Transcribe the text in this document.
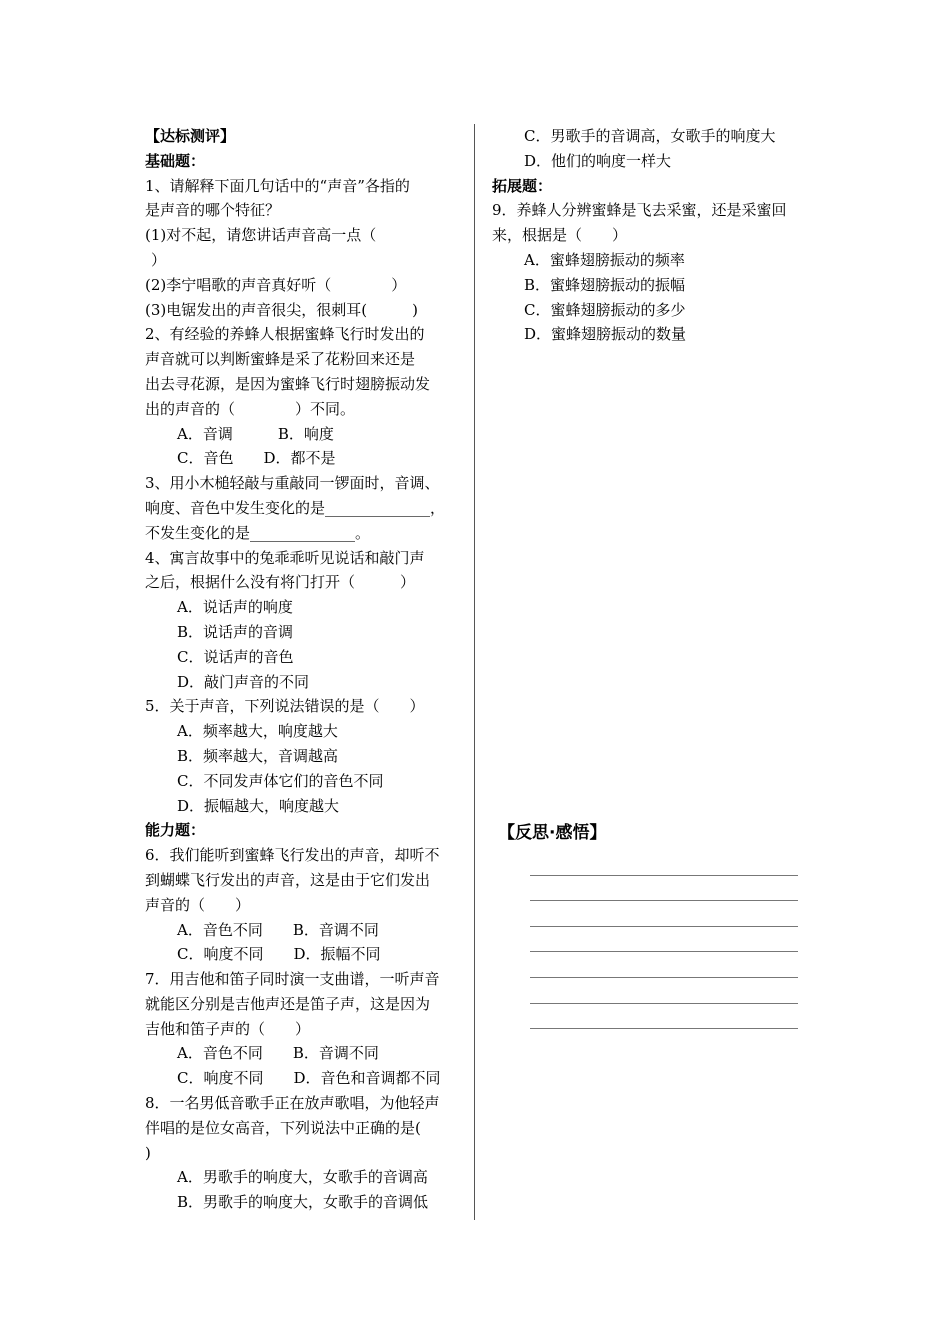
【达标测评】
基础题：
1、请解释下面几句话中的“声音”各指的
是声音的哪个特征？
(1)对不起，请您讲话声音高一点（
）
(2)李宁唱歌的声音真好听（　　　　）
(3)电锯发出的声音很尖，很刺耳(　　　)
2、有经验的养蜂人根据蜜蜂飞行时发出的
声音就可以判断蜜蜂是采了花粉回来还是
出去寻花源，是因为蜜蜂飞行时翅膀振动发
出的声音的（　　　　）不同。
A．音调　　　B．响度
C．音色　　D．都不是
3、用小木槌轻敲与重敲同一锣面时，音调、
响度、音色中发生变化的是______________，
不发生变化的是______________。
4、寓言故事中的兔乖乖听见说话和敲门声
之后，根据什么没有将门打开（　　　）
A．说话声的响度
B．说话声的音调
C．说话声的音色
D．敲门声音的不同
5．关于声音，下列说法错误的是（　　）
A．频率越大，响度越大
B．频率越大，音调越高
C．不同发声体它们的音色不同
D．振幅越大，响度越大
能力题：
6．我们能听到蜜蜂飞行发出的声音，却听不
到蝴蝶飞行发出的声音，这是由于它们发出
声音的（　　）
A．音色不同　　B．音调不同
C．响度不同　　D．振幅不同
7．用吉他和笛子同时演一支曲谱，一听声音
就能区分别是吉他声还是笛子声，这是因为
吉他和笛子声的（　　）
A．音色不同　　B．音调不同
C．响度不同　　D．音色和音调都不同
8．一名男低音歌手正在放声歌唱，为他轻声
伴唱的是位女高音，下列说法中正确的是(
)
A．男歌手的响度大，女歌手的音调高
B．男歌手的响度大，女歌手的音调低
C．男歌手的音调高，女歌手的响度大
D．他们的响度一样大
拓展题：
9．养蜂人分辨蜜蜂是飞去采蜜，还是采蜜回
来，根据是（　　）
A．蜜蜂翅膀振动的频率
B．蜜蜂翅膀振动的振幅
C．蜜蜂翅膀振动的多少
D．蜜蜂翅膀振动的数量
【反思·感悟】
